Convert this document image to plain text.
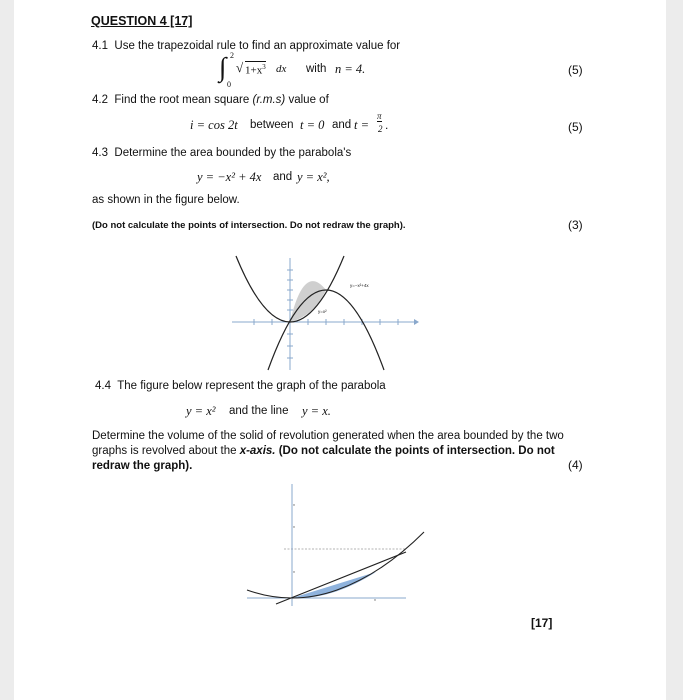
QUESTION 4 [17]
4.1 Use the trapezoidal rule to find an approximate value for
∫ 2
0
√ $1+x^3$ dx with n = 4.	(5)
4.2 Find the root mean square (r.m.s) value of
i = cos 2t between t = 0 and t =
π
2 .	(5)
4.3 Determine the area bounded by the parabola's
y = −x² + 4x and y = x²,
as shown in the figure below.
(Do not calculate the points of intersection. Do not redraw the graph).	(3)
y=−x²+4x
y=x²
4.4 The figure below represent the graph of the parabola
y = x² and the line y = x.
Determine the volume of the solid of revolution generated when the area bounded by the two
graphs is revolved about the x-axis. (Do not calculate the points of intersection. Do not
redraw the graph).	(4)
[17]
